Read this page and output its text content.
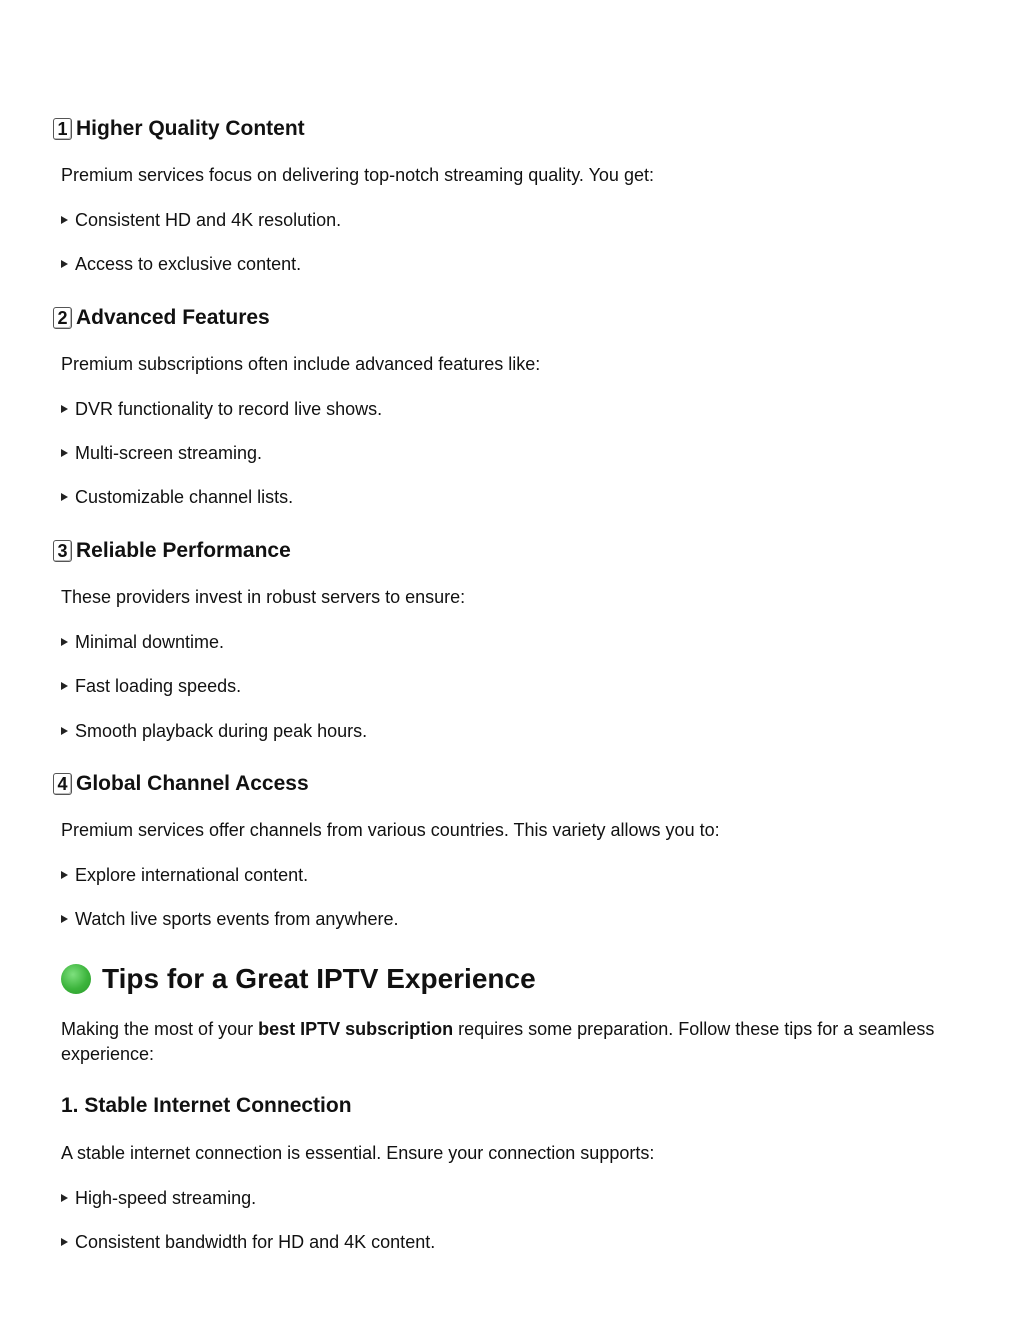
1 Higher Quality Content
Premium services focus on delivering top-notch streaming quality. You get:
Consistent HD and 4K resolution.
Access to exclusive content.
2 Advanced Features
Premium subscriptions often include advanced features like:
DVR functionality to record live shows.
Multi-screen streaming.
Customizable channel lists.
3 Reliable Performance
These providers invest in robust servers to ensure:
Minimal downtime.
Fast loading speeds.
Smooth playback during peak hours.
4 Global Channel Access
Premium services offer channels from various countries. This variety allows you to:
Explore international content.
Watch live sports events from anywhere.
Tips for a Great IPTV Experience
Making the most of your best IPTV subscription requires some preparation. Follow these tips for a seamless experience:
1. Stable Internet Connection
A stable internet connection is essential. Ensure your connection supports:
High-speed streaming.
Consistent bandwidth for HD and 4K content.
